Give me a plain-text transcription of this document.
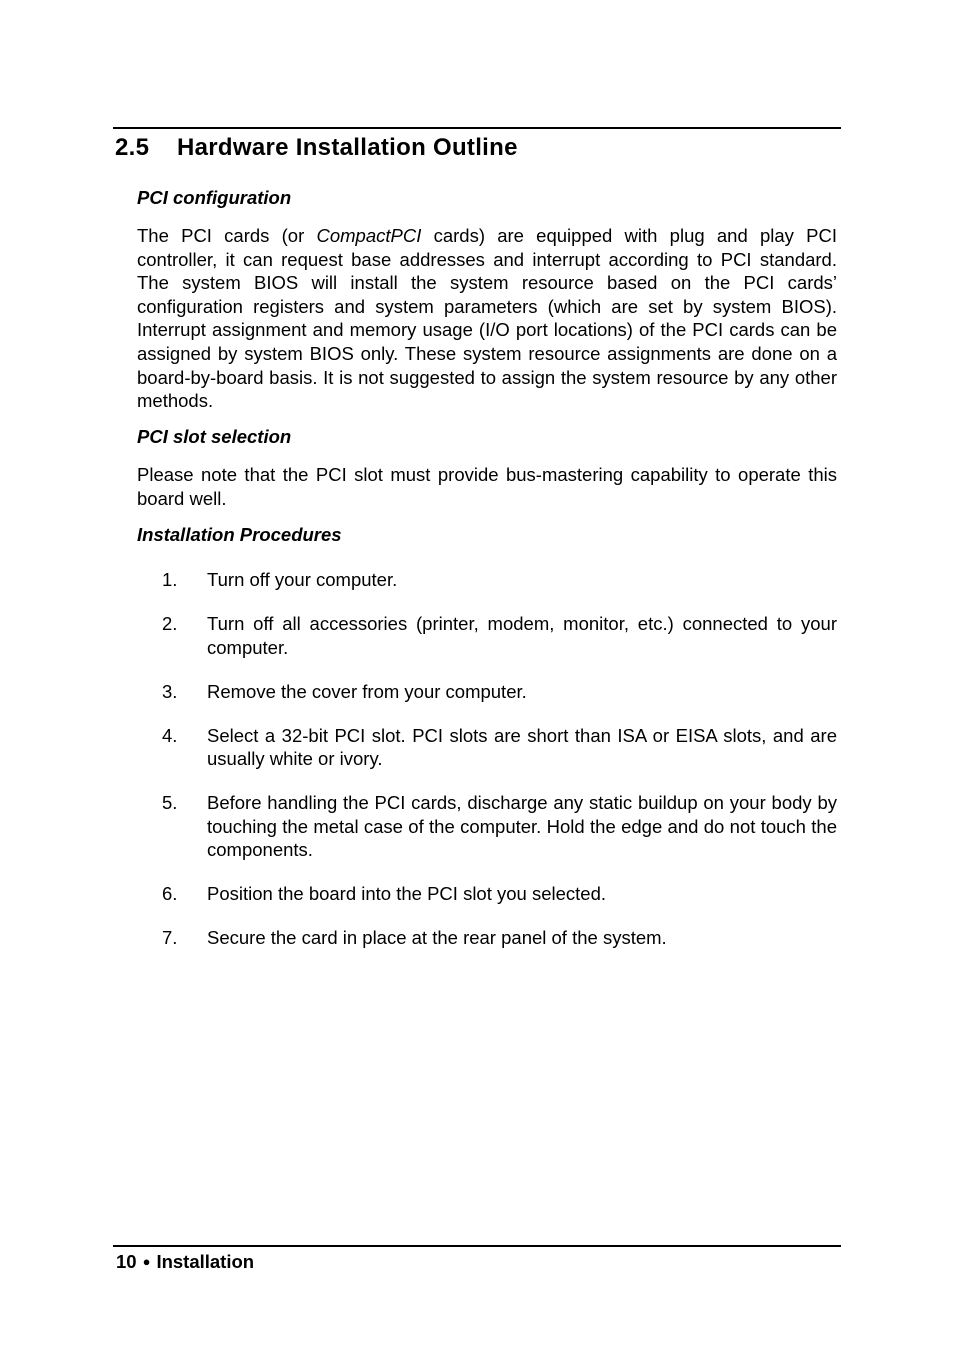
2.5 Hardware Installation Outline
PCI configuration

The PCI cards (or CompactPCI cards) are equipped with plug and play PCI controller, it can request base addresses and interrupt according to PCI standard. The system BIOS will install the system resource based on the PCI cards’ configuration registers and system parameters (which are set by system BIOS). Interrupt assignment and memory usage (I/O port locations) of the PCI cards can be assigned by system BIOS only. These system resource assignments are done on a board-by-board basis. It is not suggested to assign the system resource by any other methods.

PCI slot selection

Please note that the PCI slot must provide bus-mastering capability to operate this board well.

Installation Procedures
1. Turn off your computer.
2. Turn off all accessories (printer, modem, monitor, etc.) connected to your computer.
3. Remove the cover from your computer.
4. Select a 32-bit PCI slot. PCI slots are short than ISA or EISA slots, and are usually white or ivory.
5. Before handling the PCI cards, discharge any static buildup on your body by touching the metal case of the computer. Hold the edge and do not touch the components.
6. Position the board into the PCI slot you selected.
7. Secure the card in place at the rear panel of the system.
10 ● Installation
